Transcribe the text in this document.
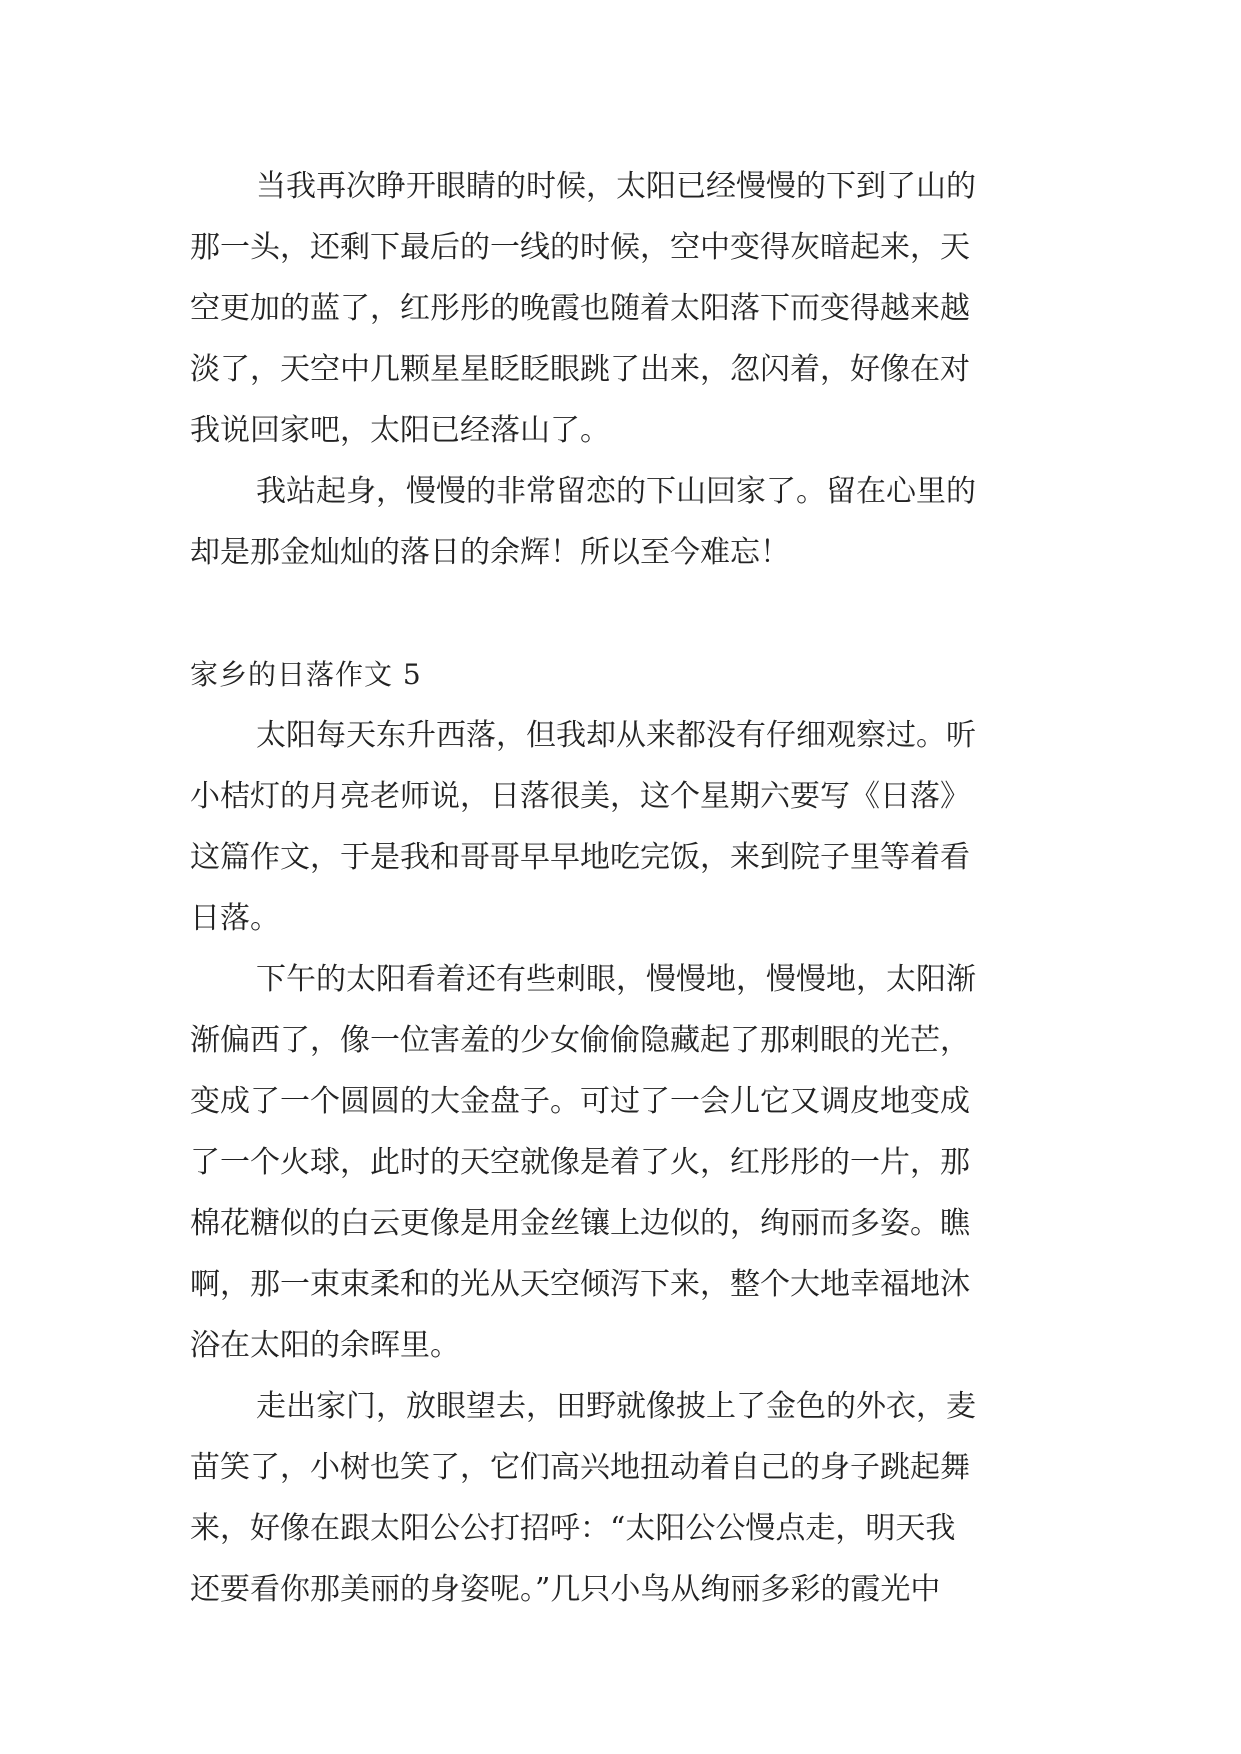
当我再次睁开眼睛的时候，太阳已经慢慢的下到了山的
那一头，还剩下最后的一线的时候，空中变得灰暗起来，天
空更加的蓝了，红彤彤的晚霞也随着太阳落下而变得越来越
淡了，天空中几颗星星眨眨眼跳了出来，忽闪着，好像在对
我说回家吧，太阳已经落山了。
我站起身，慢慢的非常留恋的下山回家了。留在心里的
却是那金灿灿的落日的余辉！所以至今难忘！
家乡的日落作文 5
太阳每天东升西落，但我却从来都没有仔细观察过。听
小桔灯的月亮老师说，日落很美，这个星期六要写《日落》
这篇作文，于是我和哥哥早早地吃完饭，来到院子里等着看
日落。
下午的太阳看着还有些刺眼，慢慢地，慢慢地，太阳渐
渐偏西了，像一位害羞的少女偷偷隐藏起了那刺眼的光芒，
变成了一个圆圆的大金盘子。可过了一会儿它又调皮地变成
了一个火球，此时的天空就像是着了火，红彤彤的一片，那
棉花糖似的白云更像是用金丝镶上边似的，绚丽而多姿。瞧
啊，那一束束柔和的光从天空倾泻下来，整个大地幸福地沐
浴在太阳的余晖里。
走出家门，放眼望去，田野就像披上了金色的外衣，麦
苗笑了，小树也笑了，它们高兴地扭动着自己的身子跳起舞
来，好像在跟太阳公公打招呼：“太阳公公慢点走，明天我
还要看你那美丽的身姿呢。”几只小鸟从绚丽多彩的霞光中
